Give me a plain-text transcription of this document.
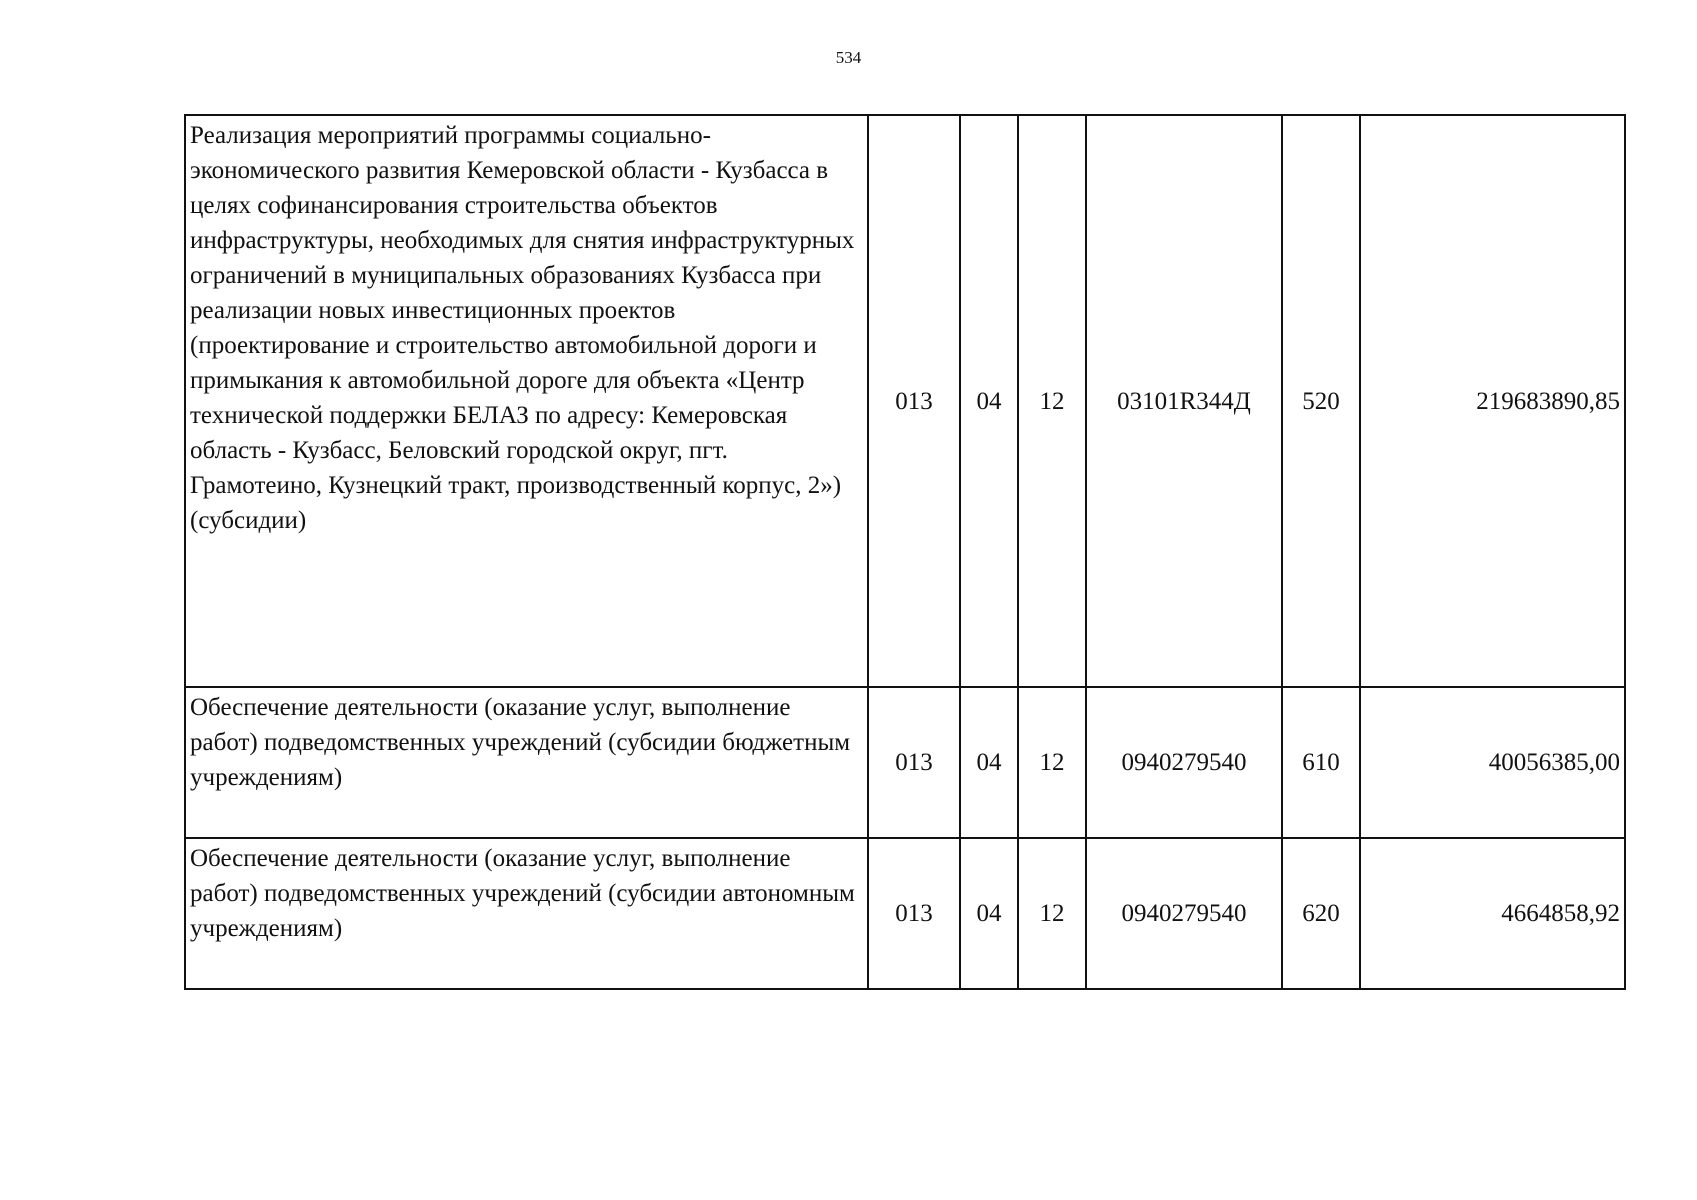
534
Реализация мероприятий программы социально-экономического развития Кемеровской области - Кузбасса в целях софинансирования строительства объектов инфраструктуры, необходимых для снятия инфраструктурных ограничений в муниципальных образованиях Кузбасса при реализации новых инвестиционных проектов (проектирование и строительство автомобильной дороги и примыкания к автомобильной дороге для объекта «Центр технической поддержки БЕЛАЗ по адресу: Кемеровская область - Кузбасс, Беловский городской округ, пгт. Грамотеино, Кузнецкий тракт, производственный корпус, 2») (субсидии)	013	04	12	03101R344Д	520	219683890,85
Обеспечение деятельности (оказание услуг, выполнение работ) подведомственных учреждений (субсидии бюджетным учреждениям)	013	04	12	0940279540	610	40056385,00
Обеспечение деятельности (оказание услуг, выполнение работ) подведомственных учреждений (субсидии автономным учреждениям)	013	04	12	0940279540	620	4664858,92
